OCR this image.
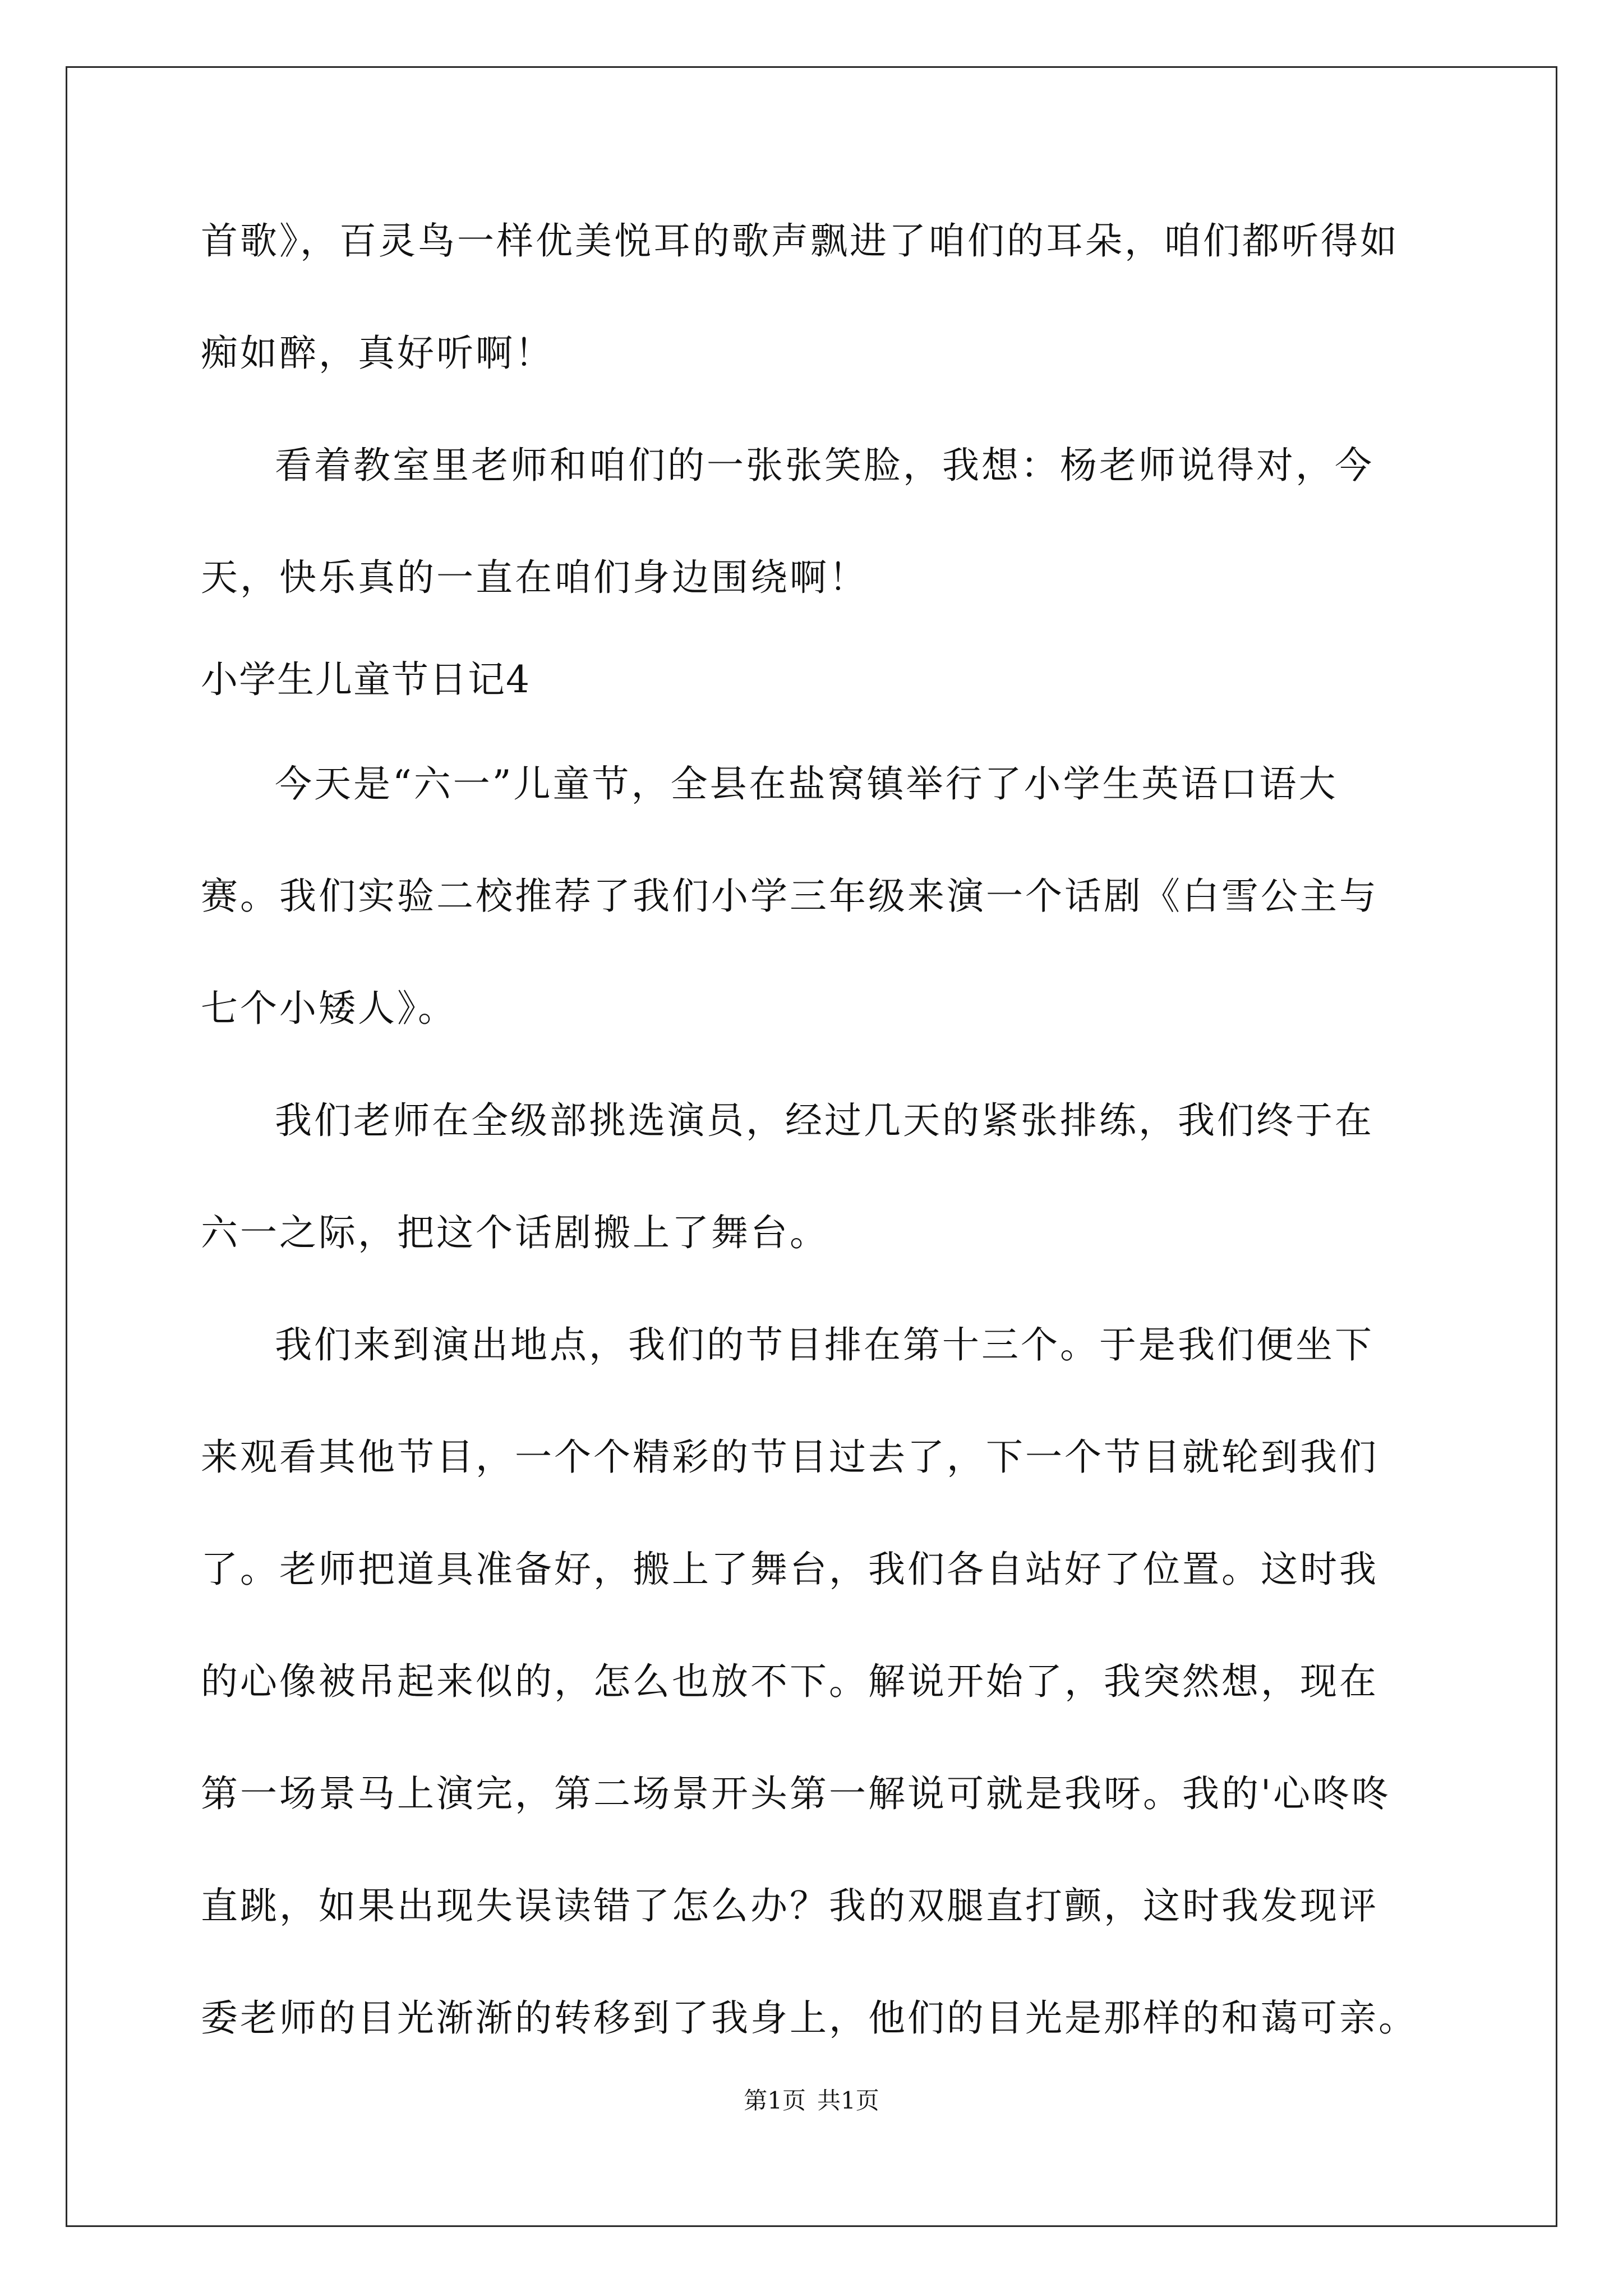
首歌》，百灵鸟一样优美悦耳的歌声飘进了咱们的耳朵，咱们都听得如
痴如醉，真好听啊！
看着教室里老师和咱们的一张张笑脸，我想：杨老师说得对，今
天，快乐真的一直在咱们身边围绕啊！
小学生儿童节日记4
今天是“六一”儿童节，全县在盐窝镇举行了小学生英语口语大
赛。我们实验二校推荐了我们小学三年级来演一个话剧《白雪公主与
七个小矮人》。
我们老师在全级部挑选演员，经过几天的紧张排练，我们终于在
六一之际，把这个话剧搬上了舞台。
我们来到演出地点，我们的节目排在第十三个。于是我们便坐下
来观看其他节目，一个个精彩的节目过去了，下一个节目就轮到我们
了。老师把道具准备好，搬上了舞台，我们各自站好了位置。这时我
的心像被吊起来似的，怎么也放不下。解说开始了，我突然想，现在
第一场景马上演完，第二场景开头第一解说可就是我呀。我的'心咚咚
直跳，如果出现失误读错了怎么办？我的双腿直打颤，这时我发现评
委老师的目光渐渐的转移到了我身上，他们的目光是那样的和蔼可亲。
第1页 共1页
